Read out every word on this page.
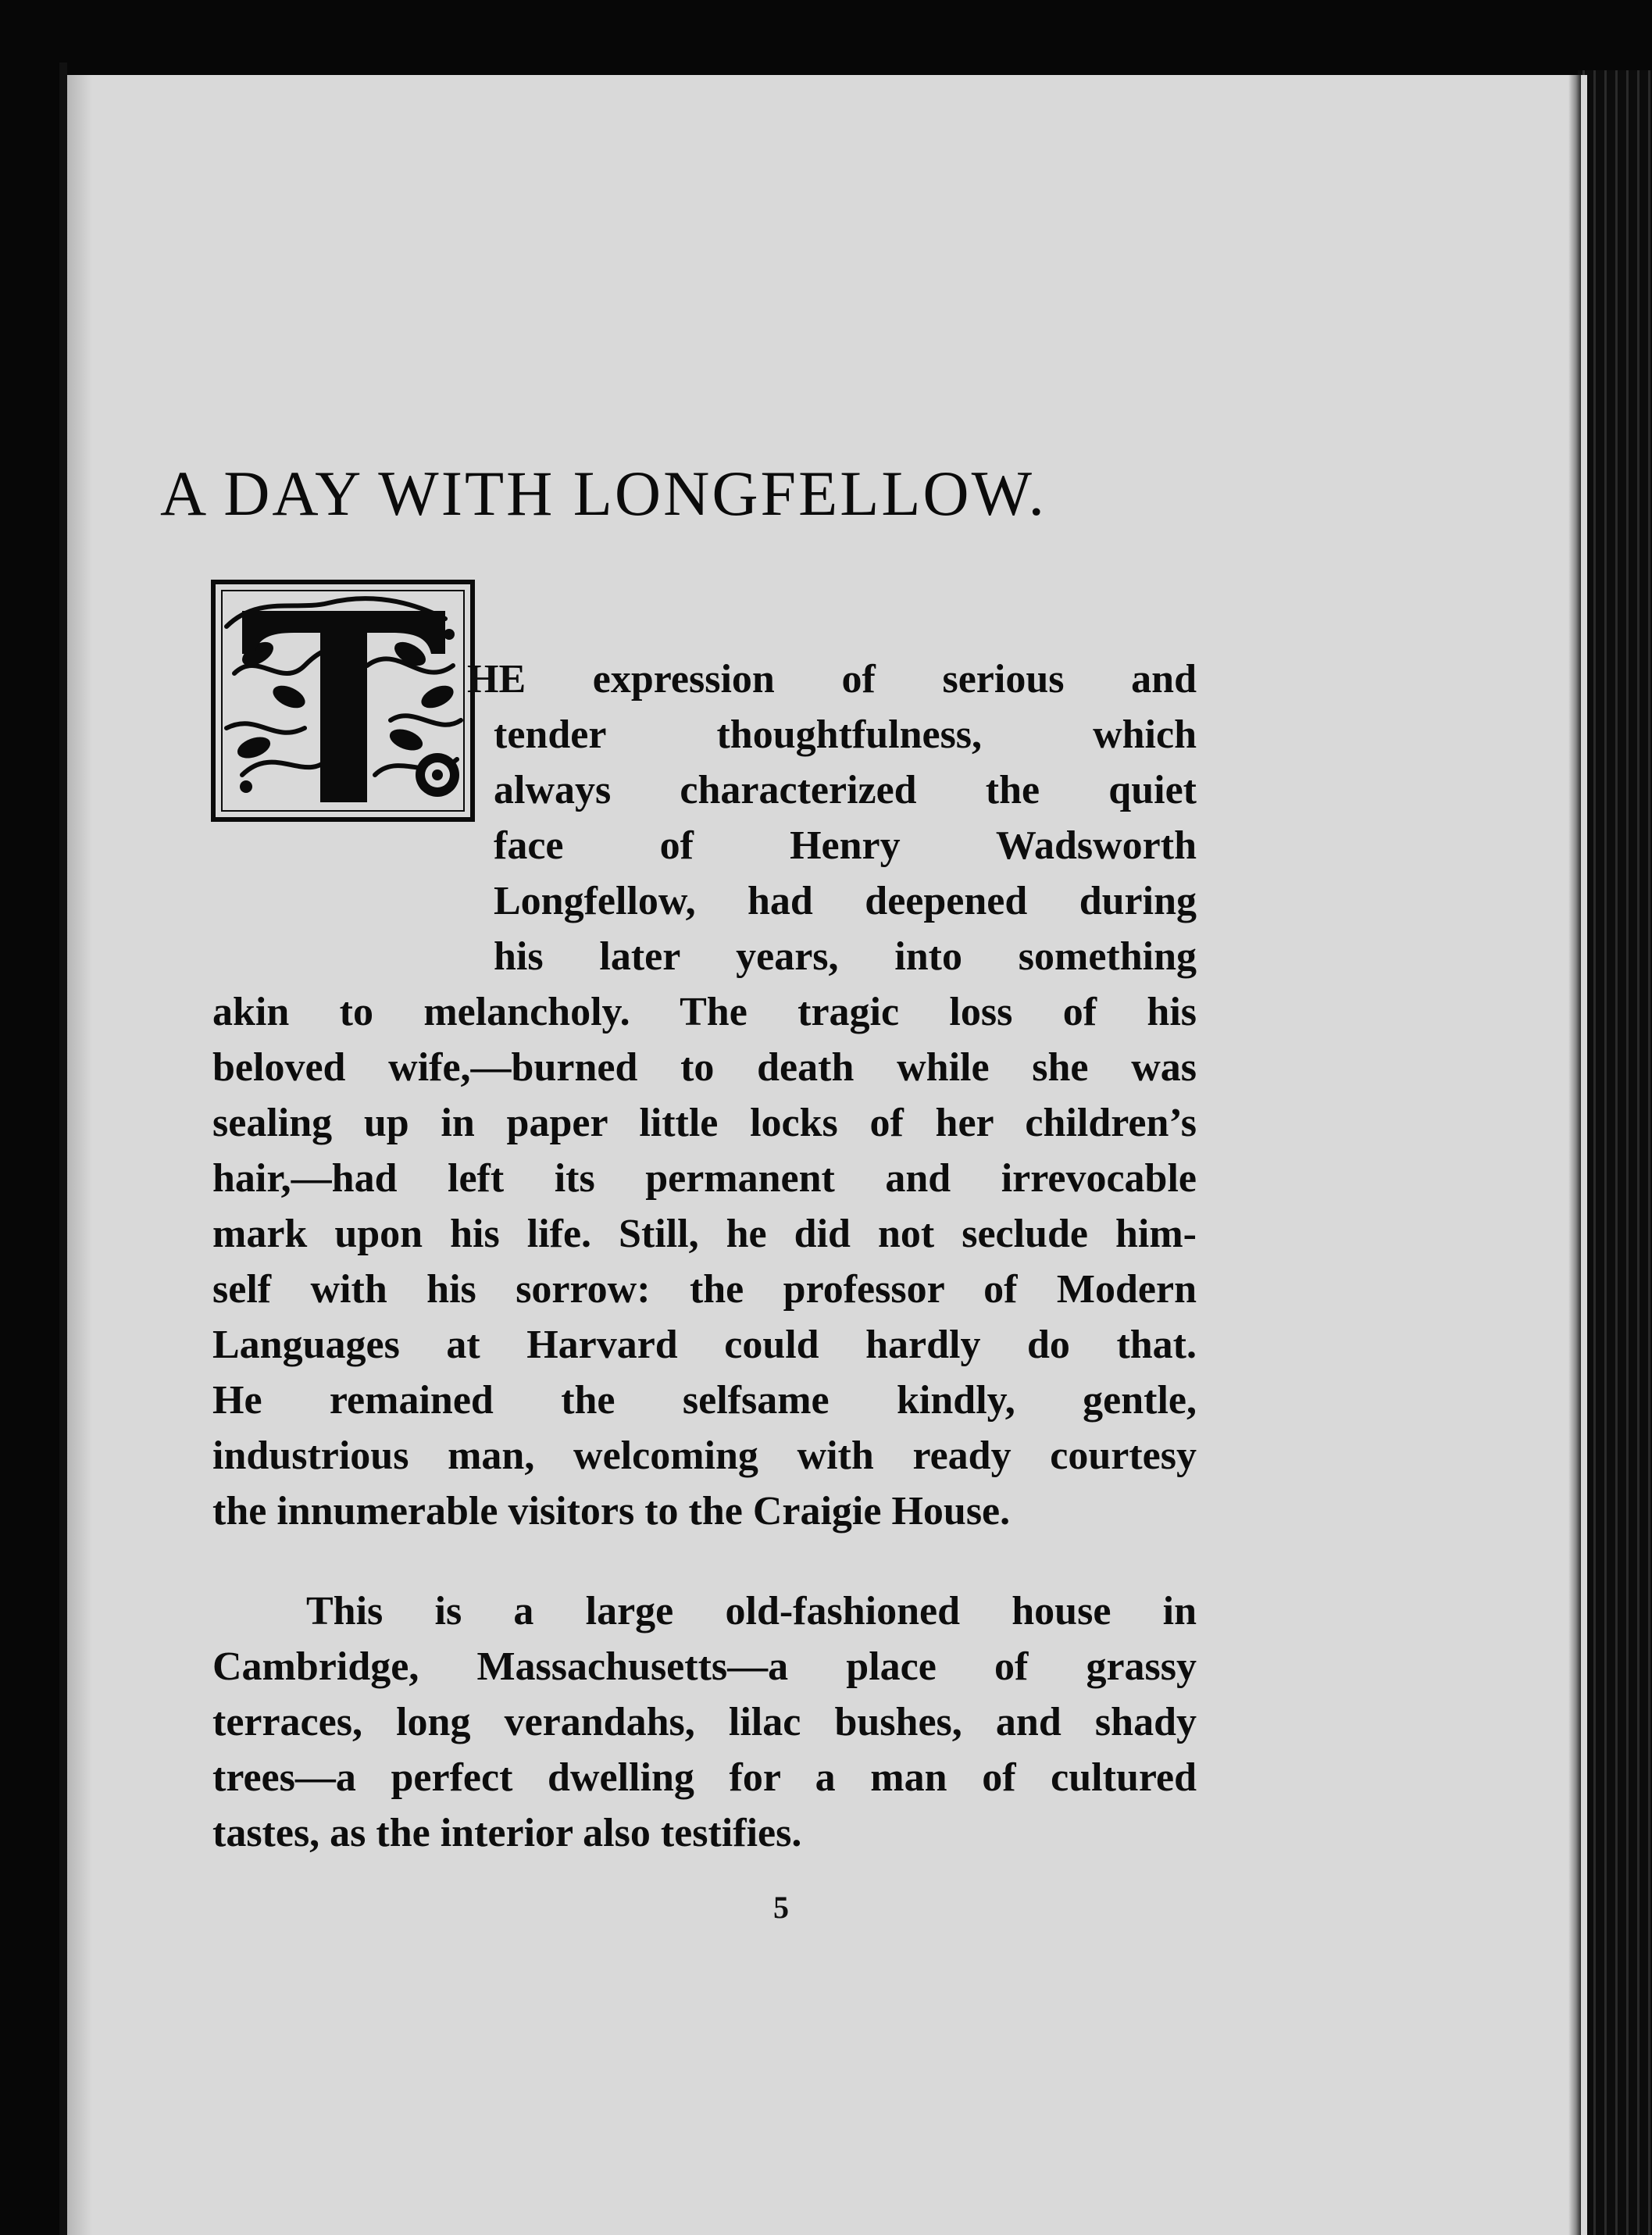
A DAY WITH LONGFELLOW.
HE expression of serious and
tender thoughtfulness, which
always characterized the quiet
face of Henry Wadsworth
Longfellow, had deepened during
his later years, into something
akin to melancholy. The tragic loss of his
beloved wife,—burned to death while she was
sealing up in paper little locks of her children’s
hair,—had left its permanent and irrevocable
mark upon his life. Still, he did not seclude him-
self with his sorrow: the professor of Modern
Languages at Harvard could hardly do that.
He remained the selfsame kindly, gentle,
industrious man, welcoming with ready courtesy
the innumerable visitors to the Craigie House.
This is a large old-fashioned house in
Cambridge, Massachusetts—a place of grassy
terraces, long verandahs, lilac bushes, and shady
trees—a perfect dwelling for a man of cultured
tastes, as the interior also testifies.
5
